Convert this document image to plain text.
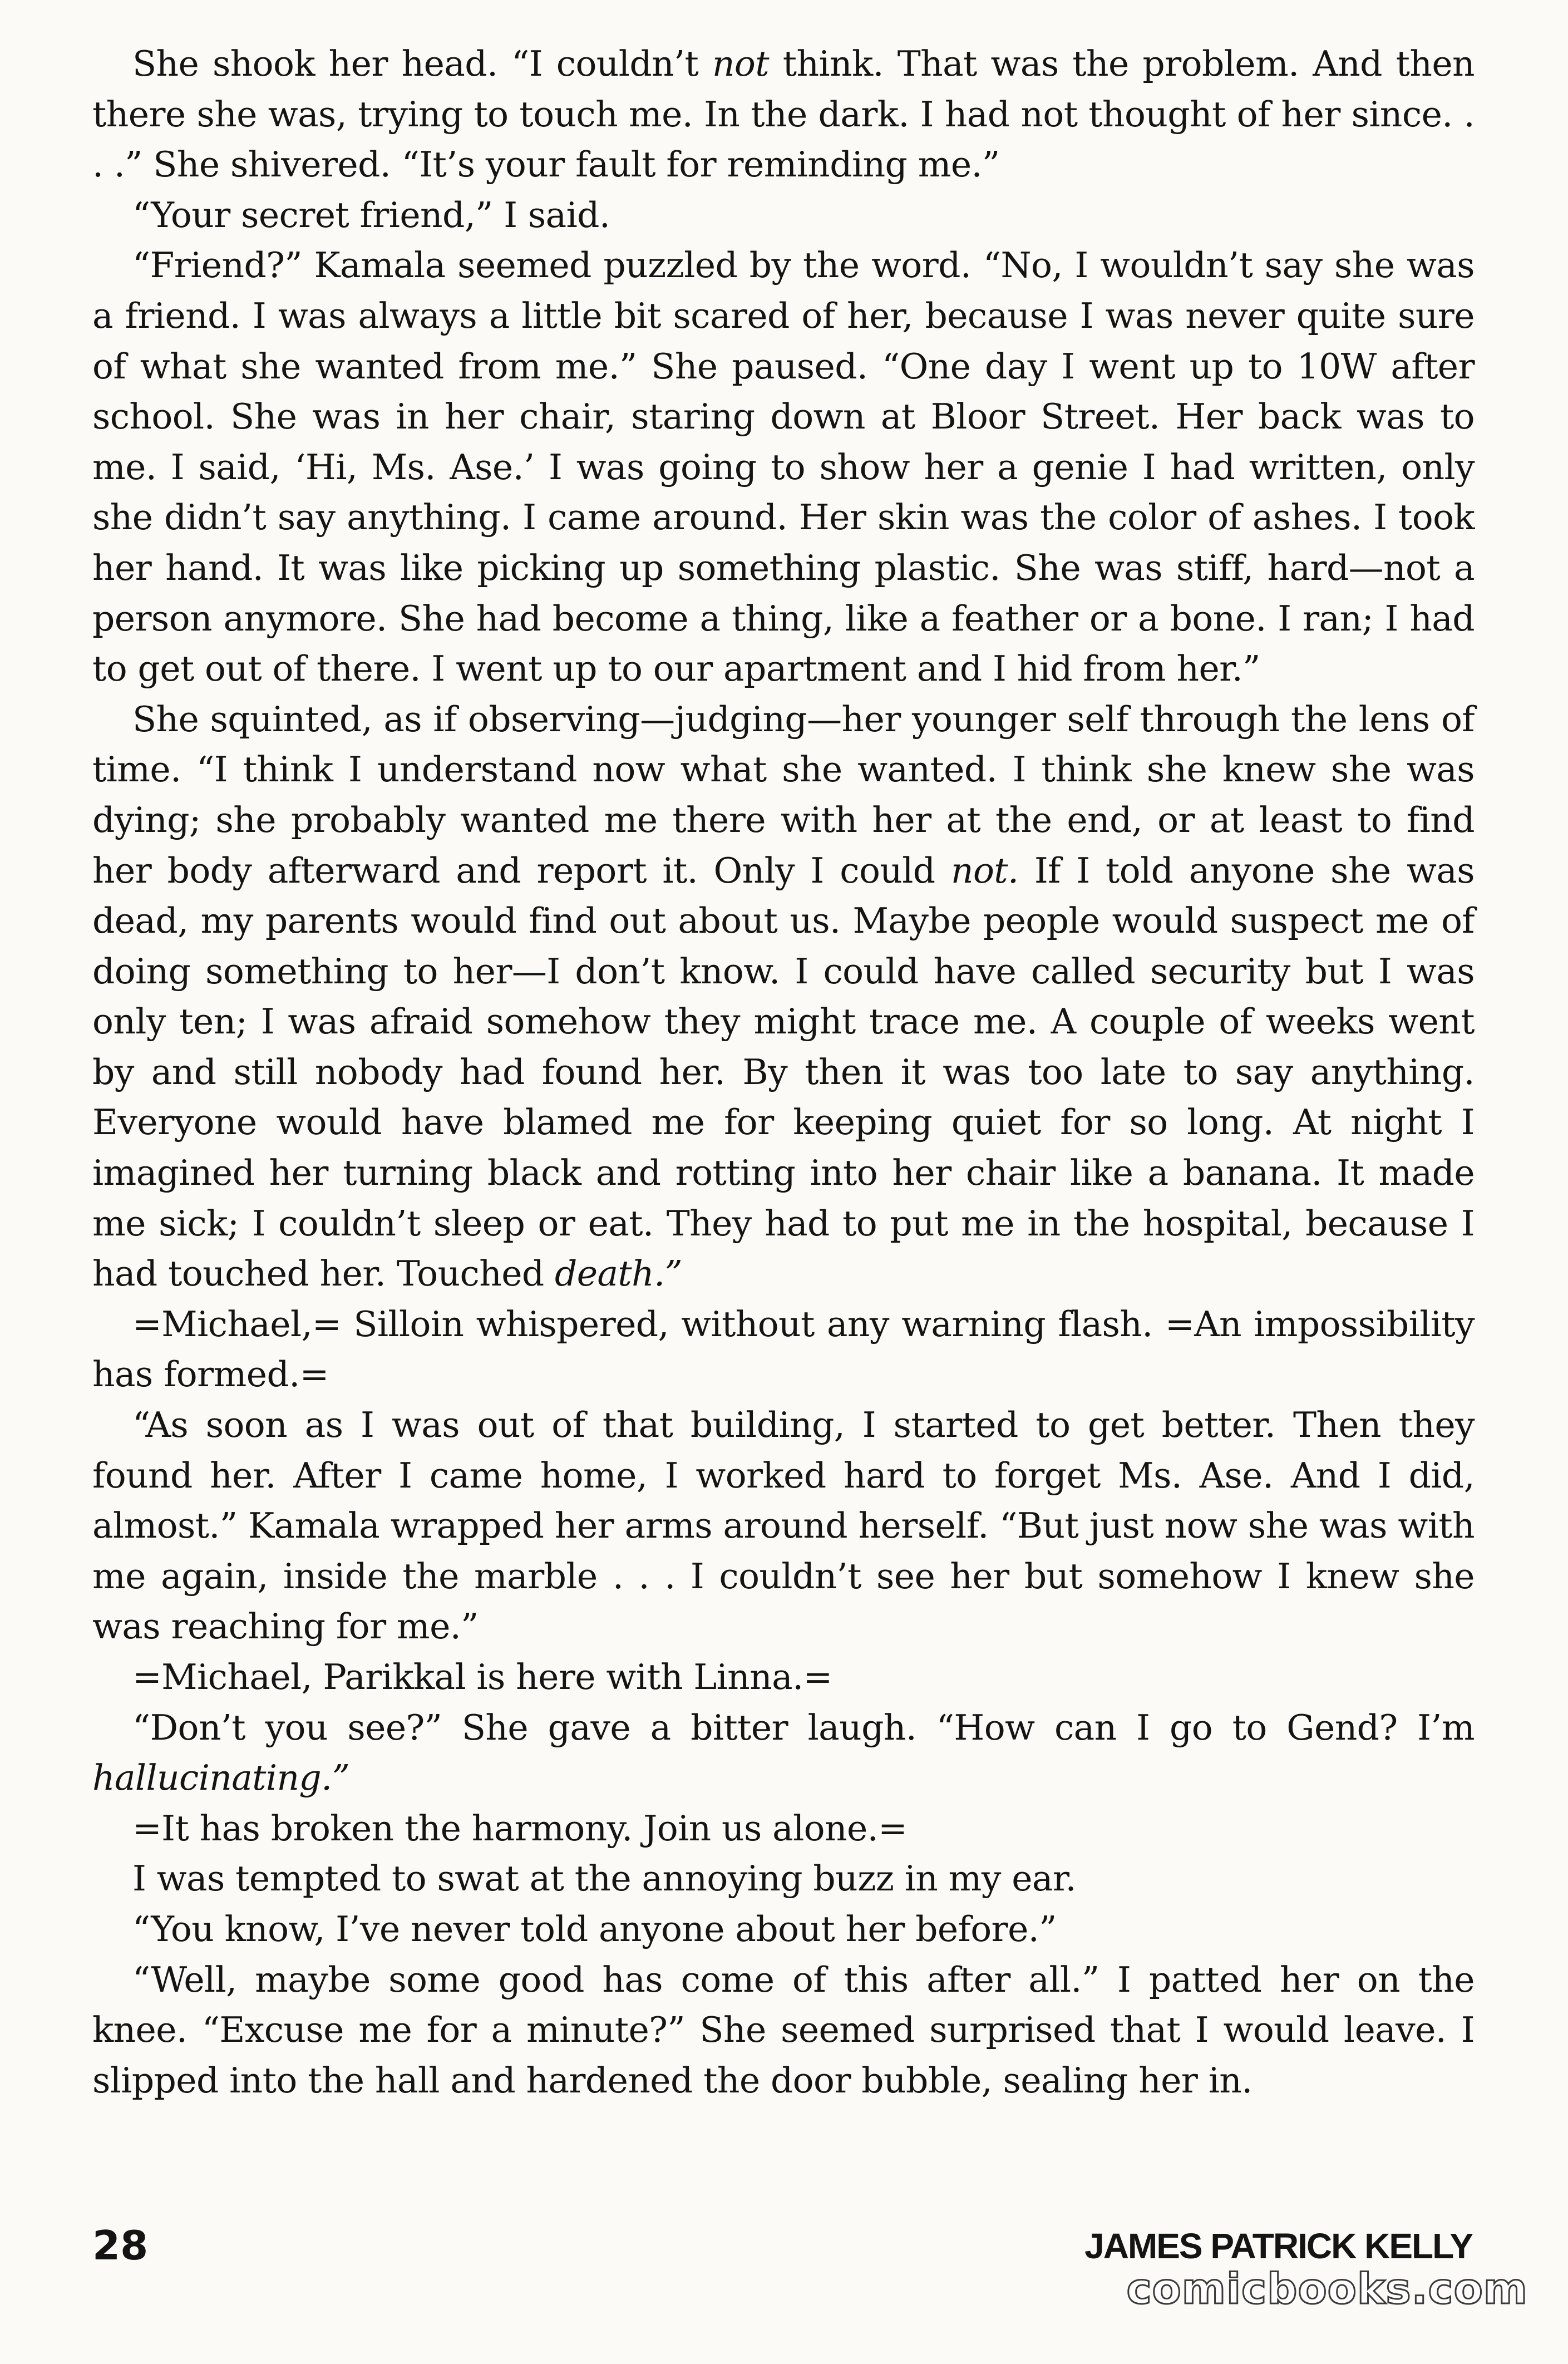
She shook her head. “I couldn’t not think. That was the problem. And then there she was, trying to touch me. In the dark. I had not thought of her since. . . .” She shivered. “It’s your fault for reminding me.”

“Your secret friend,” I said.

“Friend?” Kamala seemed puzzled by the word. “No, I wouldn’t say she was a friend. I was always a little bit scared of her, because I was never quite sure of what she wanted from me.” She paused. “One day I went up to 10W after school. She was in her chair, staring down at Bloor Street. Her back was to me. I said, ‘Hi, Ms. Ase.’ I was going to show her a genie I had written, only she didn’t say anything. I came around. Her skin was the color of ashes. I took her hand. It was like picking up something plastic. She was stiff, hard—not a person anymore. She had become a thing, like a feather or a bone. I ran; I had to get out of there. I went up to our apartment and I hid from her.”

She squinted, as if observing—judging—her younger self through the lens of time. “I think I understand now what she wanted. I think she knew she was dying; she probably wanted me there with her at the end, or at least to find her body afterward and report it. Only I could not. If I told anyone she was dead, my parents would find out about us. Maybe people would suspect me of doing something to her—I don’t know. I could have called security but I was only ten; I was afraid somehow they might trace me. A couple of weeks went by and still nobody had found her. By then it was too late to say anything. Everyone would have blamed me for keeping quiet for so long. At night I imagined her turning black and rotting into her chair like a banana. It made me sick; I couldn’t sleep or eat. They had to put me in the hospital, because I had touched her. Touched death.”

=Michael,= Silloin whispered, without any warning flash. =An impossibility has formed.=

“As soon as I was out of that building, I started to get better. Then they found her. After I came home, I worked hard to forget Ms. Ase. And I did, almost.” Kamala wrapped her arms around herself. “But just now she was with me again, inside the marble . . . I couldn’t see her but somehow I knew she was reaching for me.”

=Michael, Parikkal is here with Linna.=

“Don’t you see?” She gave a bitter laugh. “How can I go to Gend? I’m hallucinating.”

=It has broken the harmony. Join us alone.=

I was tempted to swat at the annoying buzz in my ear.

“You know, I’ve never told anyone about her before.”

“Well, maybe some good has come of this after all.” I patted her on the knee. “Excuse me for a minute?” She seemed surprised that I would leave. I slipped into the hall and hardened the door bubble, sealing her in.

28	JAMES PATRICK KELLY
comicbooks.com
